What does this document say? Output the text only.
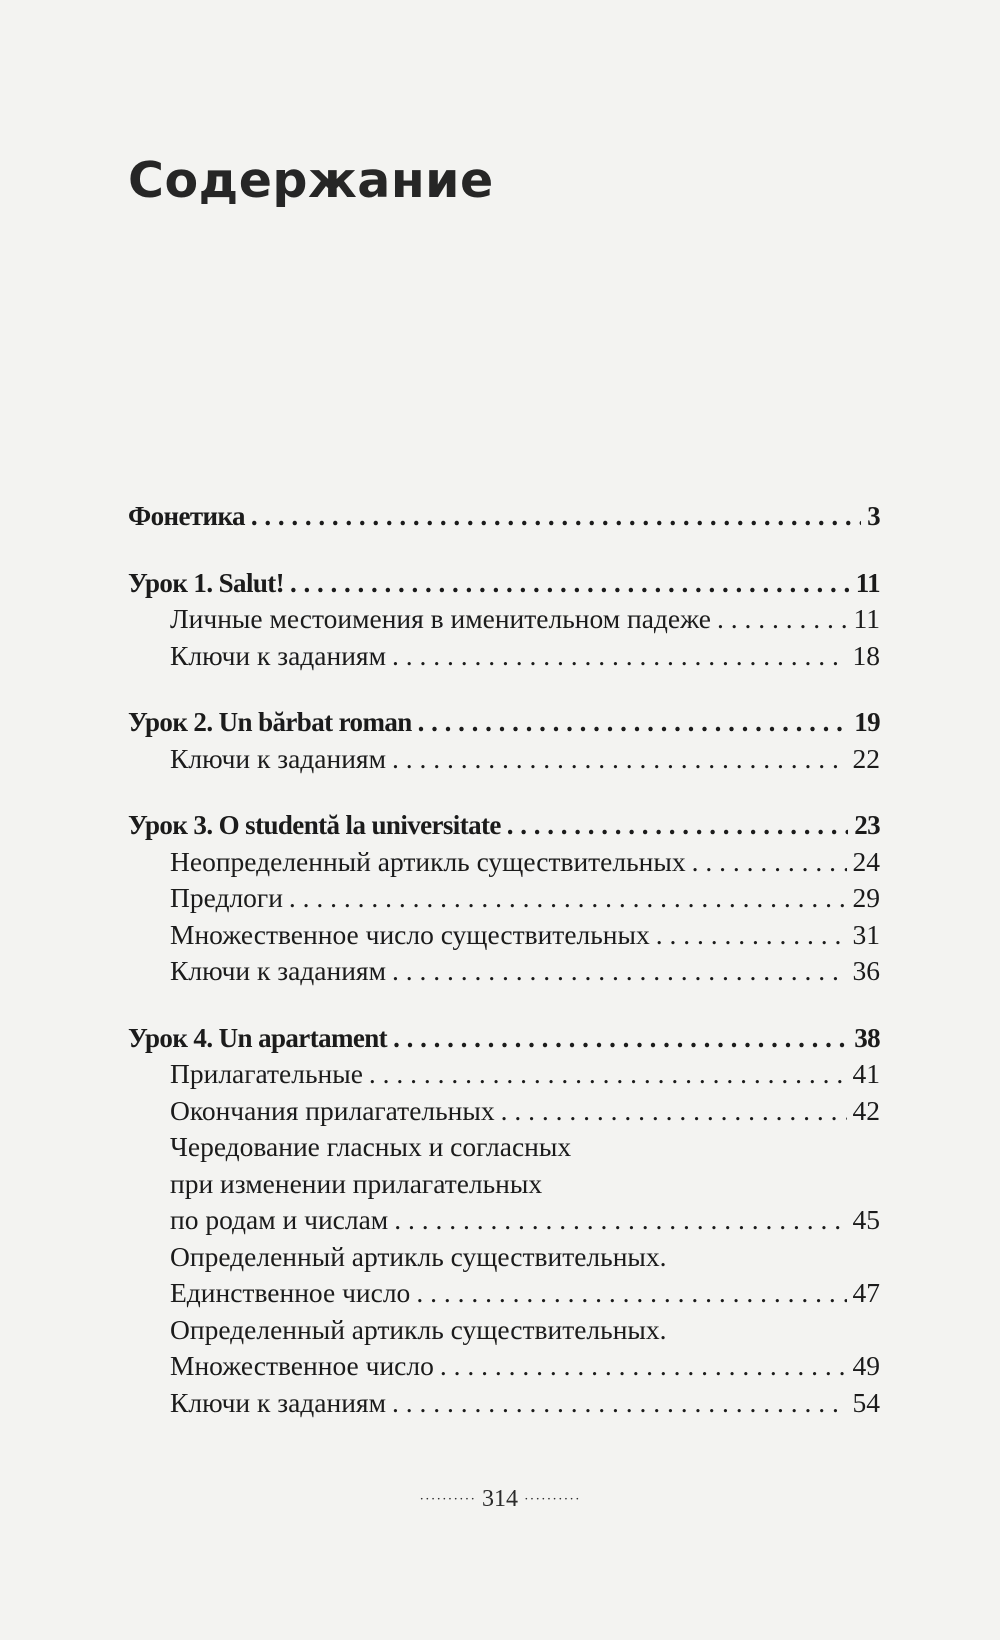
Содержание
Фонетика . . .	3
Урок 1. Salut! . . .	11
Личные местоимения в именительном падеже . . .	11
Ключи к заданиям . . .	18
Урок 2. Un bărbat roman . . .	19
Ключи к заданиям . . .	22
Урок 3. O studentă la universitate . . .	23
Неопределенный артикль существительных . . .	24
Предлоги . . .	29
Множественное число существительных . . .	31
Ключи к заданиям . . .	36
Урок 4. Un apartament . . .	38
Прилагательные . . .	41
Окончания прилагательных . . .	42
Чередование гласных и согласных
при изменении прилагательных
по родам и числам . . .	45
Определенный артикль существительных.
Единственное число . . .	47
Определенный артикль существительных.
Множественное число . . .	49
Ключи к заданиям . . .	54
·········· 314 ··········
